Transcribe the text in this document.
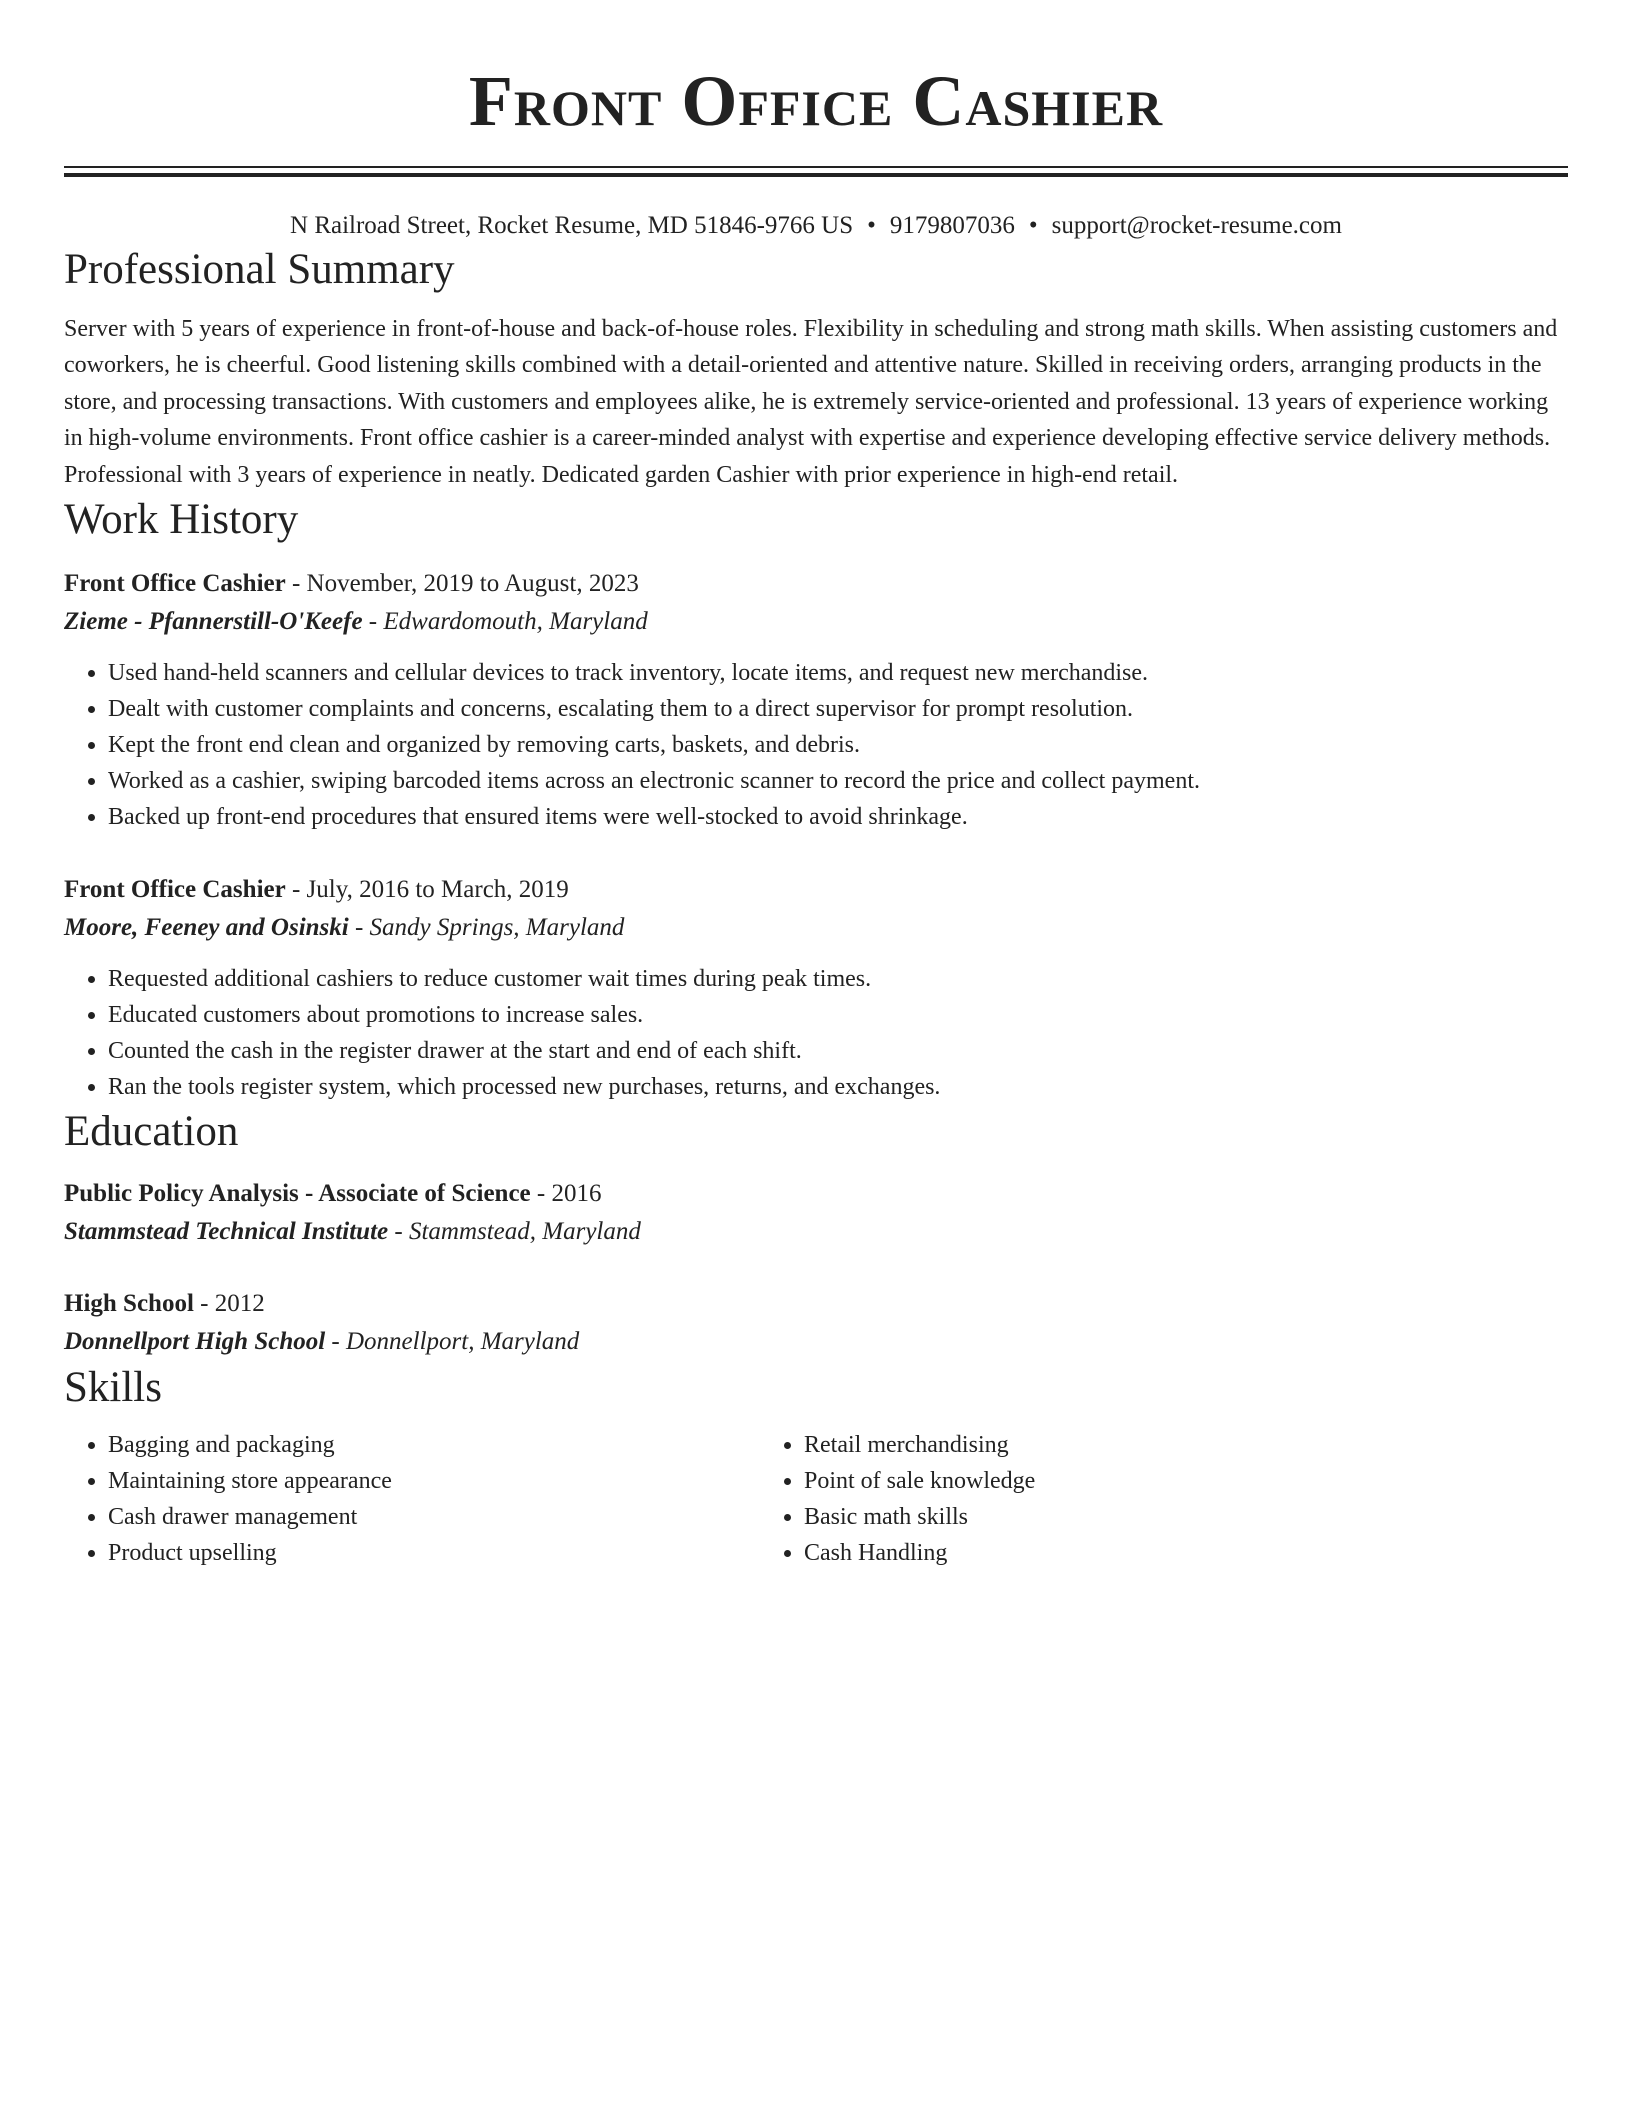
Front Office Cashier
N Railroad Street, Rocket Resume, MD 51846-9766 US • 9179807036 • support@rocket-resume.com
Professional Summary

Server with 5 years of experience in front-of-house and back-of-house roles. Flexibility in scheduling and strong math skills. When assisting customers and coworkers, he is cheerful. Good listening skills combined with a detail-oriented and attentive nature. Skilled in receiving orders, arranging products in the store, and processing transactions. With customers and employees alike, he is extremely service-oriented and professional. 13 years of experience working in high-volume environments. Front office cashier is a career-minded analyst with expertise and experience developing effective service delivery methods. Professional with 3 years of experience in neatly. Dedicated garden Cashier with prior experience in high-end retail.

Work History
Front Office Cashier - November, 2019 to August, 2023
Zieme - Pfannerstill-O'Keefe - Edwardomouth, Maryland
• Used hand-held scanners and cellular devices to track inventory, locate items, and request new merchandise.
• Dealt with customer complaints and concerns, escalating them to a direct supervisor for prompt resolution.
• Kept the front end clean and organized by removing carts, baskets, and debris.
• Worked as a cashier, swiping barcoded items across an electronic scanner to record the price and collect payment.
• Backed up front-end procedures that ensured items were well-stocked to avoid shrinkage.
Front Office Cashier - July, 2016 to March, 2019
Moore, Feeney and Osinski - Sandy Springs, Maryland
• Requested additional cashiers to reduce customer wait times during peak times.
• Educated customers about promotions to increase sales.
• Counted the cash in the register drawer at the start and end of each shift.
• Ran the tools register system, which processed new purchases, returns, and exchanges.
Education
Public Policy Analysis - Associate of Science - 2016
Stammstead Technical Institute - Stammstead, Maryland
High School - 2012
Donnellport High School - Donnellport, Maryland
Skills
• Bagging and packaging
• Maintaining store appearance
• Cash drawer management
• Product upselling
• Retail merchandising
• Point of sale knowledge
• Basic math skills
• Cash Handling
